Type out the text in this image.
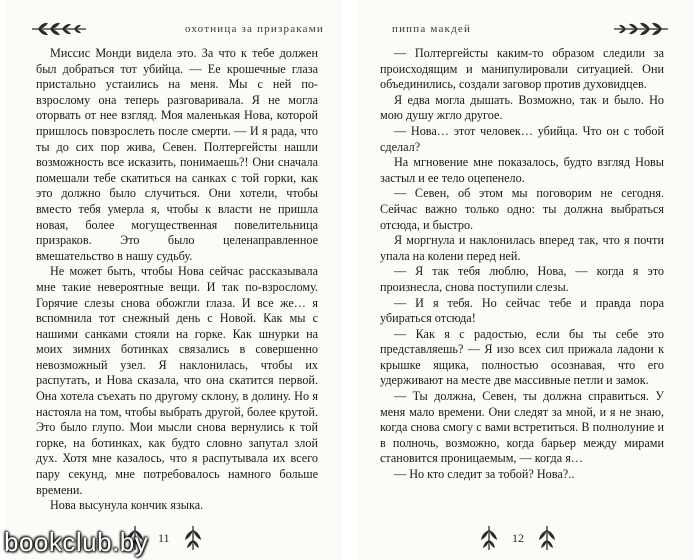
охотница за призраками

Миссис Монди видела это. За что к тебе должен был добраться тот убийца. — Ее крошечные глаза пристально устаились на меня. Мы с ней по-взрослому она теперь разговаривала. Я не могла оторвать от нее взгляд. Моя маленькая Нова, которой пришлось повзрослеть после смерти. — И я рада, что ты до сих пор жива, Севен. Полтергейсты нашли возможность все исказить, понимаешь?! Они сначала помешали тебе скатиться на санках с той горки, как это должно было случиться. Они хотели, чтобы вместо тебя умерла я, чтобы к власти не пришла новая, более могущественная повелительница призраков. Это было целенаправленное вмешательство в нашу судьбу.

Не может быть, чтобы Нова сейчас рассказывала мне такие невероятные вещи. И так по-взрослому. Горячие слезы снова обожгли глаза. И все же… я вспомнила тот снежный день с Новой. Как мы с нашими санками стояли на горке. Как шнурки на моих зимних ботинках связались в совершенно невозможный узел. Я наклонилась, чтобы их распутать, и Нова сказала, что она скатится первой. Она хотела съехать по другому склону, в долину. Но я настояла на том, чтобы выбрать другой, более крутой. Это было глупо. Мои мысли снова вернулись к той горке, на ботинках, как будто словно запутал злой дух. Хотя мне казалось, что я распутывала их всего пару секунд, мне потребовалось намного больше времени.

Нова высунула кончик языка.

11
пиппа макдей

— Полтергейсты каким-то образом следили за происходящим и манипулировали ситуацией. Они объединились, создали заговор против духовидцев.

Я едва могла дышать. Возможно, так и было. Но мою душу жгло другое.

— Нова… этот человек… убийца. Что он с тобой сделал?

На мгновение мне показалось, будто взгляд Новы застыл и ее тело оцепенело.

— Севен, об этом мы поговорим не сегодня. Сейчас важно только одно: ты должна выбраться отсюда, и быстро.

Я моргнула и наклонилась вперед так, что я почти упала на колени перед ней.

— Я так тебя люблю, Нова, — когда я это произнесла, снова поступили слезы.

— И я тебя. Но сейчас тебе и правда пора убираться отсюда!

— Как я с радостью, если бы ты себе это представляешь? — Я изо всех сил прижала ладони к крышке ящика, полностью осознавая, что его удерживают на месте две массивные петли и замок.

— Ты должна, Севен, ты должна справиться. У меня мало времени. Они следят за мной, и я не знаю, когда снова смогу с вами встретиться. В полнолуние и в полночь, возможно, когда барьер между мирами становится проницаемым, — когда я…

— Но кто следит за тобой? Нова?..

12
bookclub.by
